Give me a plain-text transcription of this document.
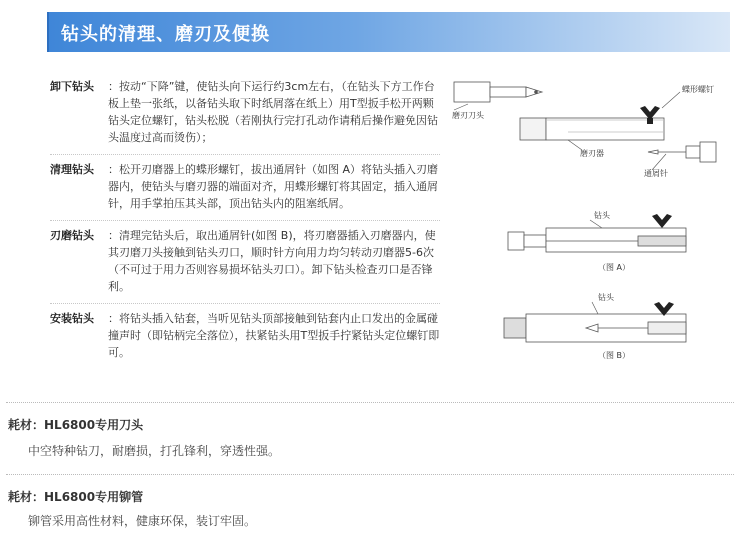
钻头的清理、磨刃及便换
卸下钻头	：按动“下降”键，使钻头向下运行约3cm左右，（在钻头下方工作台板上垫一张纸，以备钻头取下时纸屑落在纸上）用T型扳手松开两颗钻头定位螺钉，钻头松脱（若刚执行完打孔动作请稍后操作避免因钻头温度过高而烫伤）；
清理钻头	：松开刃磨器上的蝶形螺钉，拔出通屑针（如图 A）将钻头插入刃磨器内，使钻头与磨刃器的端面对齐，用蝶形螺钉将其固定，插入通屑针，用手掌拍压其头部，顶出钻头内的阻塞纸屑。
刃磨钻头	：清理完钻头后，取出通屑针(如图 B)，将刃磨器插入刃磨器内，使其刃磨刀头接触到钻头刃口，顺时针方向用力均匀转动刃磨器5-6次（不可过于用力否则容易损坏钻头刃口）。卸下钻头检查刃口是否锋利。
安装钻头	：将钻头插入钻套，当听见钻头顶部接触到钻套内止口发出的金属碰撞声时（即钻柄完全落位），扶紧钻头用T型扳手拧紧钻头定位螺钉即可。
磨刃刀头
蝶形螺钉
磨刃器
通屑针
钻头
（图 A）
钻头
（图 B）
耗材：HL6800专用刀头
中空特种钻刀，耐磨损，打孔锋利，穿透性强。
耗材：HL6800专用铆管
铆管采用高性材料，健康环保，装订牢固。
